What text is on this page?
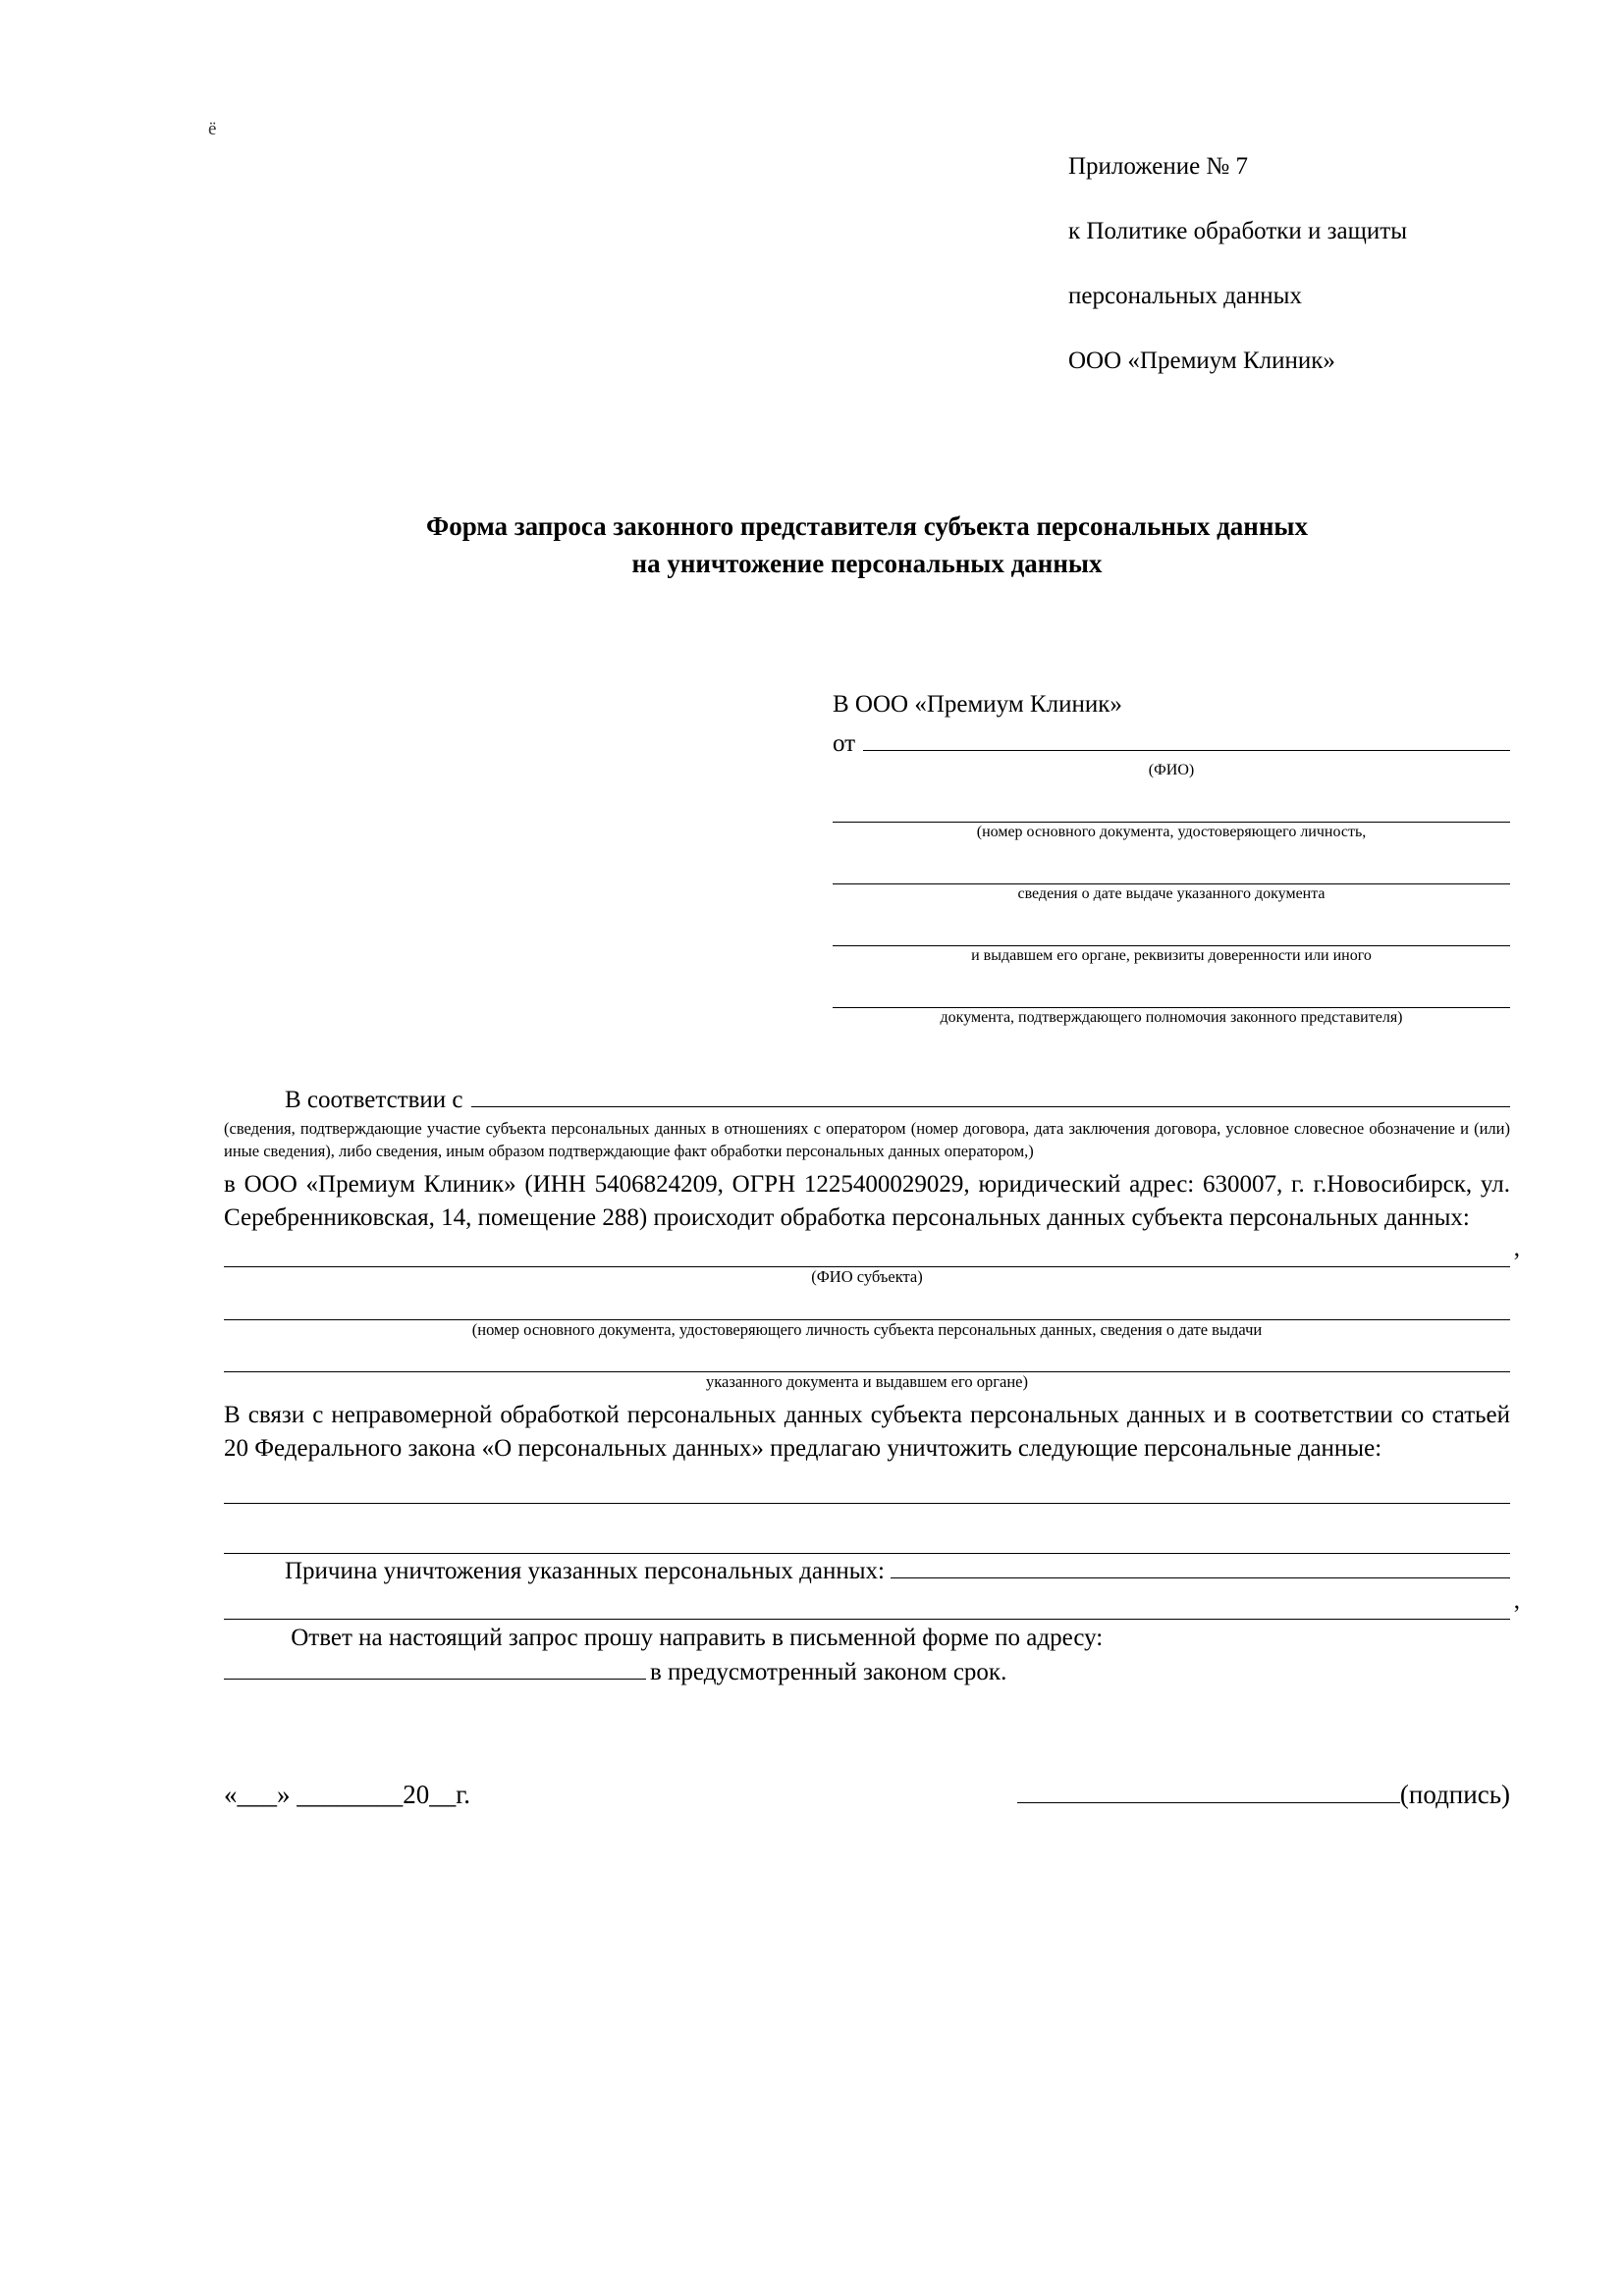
ё

Приложение № 7

к Политике обработки и защиты

персональных данных

ООО «Премиум Клиник»

Форма запроса законного представителя субъекта персональных данных
на уничтожение персональных данных
В ООО «Премиум Клиник»
от
(ФИО)
(номер основного документа, удостоверяющего личность,
сведения о дате выдаче указанного документа
и выдавшем его органе, реквизиты доверенности или иного
документа, подтверждающего полномочия законного представителя)
В соответствии с
(сведения, подтверждающие участие субъекта персональных данных в отношениях с оператором (номер договора, дата заключения договора, условное словесное обозначение и (или) иные сведения), либо сведения, иным образом подтверждающие факт обработки персональных данных оператором,)
в ООО «Премиум Клиник» (ИНН 5406824209, ОГРН 1225400029029, юридический адрес: 630007, г. г.Новосибирск, ул. Серебренниковская, 14, помещение 288) происходит обработка персональных данных субъекта персональных данных:
,
(ФИО субъекта)
(номер основного документа, удостоверяющего личность субъекта персональных данных, сведения о дате выдачи
указанного документа и выдавшем его органе)
В связи с неправомерной обработкой персональных данных субъекта персональных данных и в соответствии со статьей 20 Федерального закона «О персональных данных» предлагаю уничтожить следующие персональные данные:
Причина уничтожения указанных персональных данных:
,
Ответ на настоящий запрос прошу направить в письменной форме по адресу:
в предусмотренный законом срок.
«___» ________20__г.	(подпись)
